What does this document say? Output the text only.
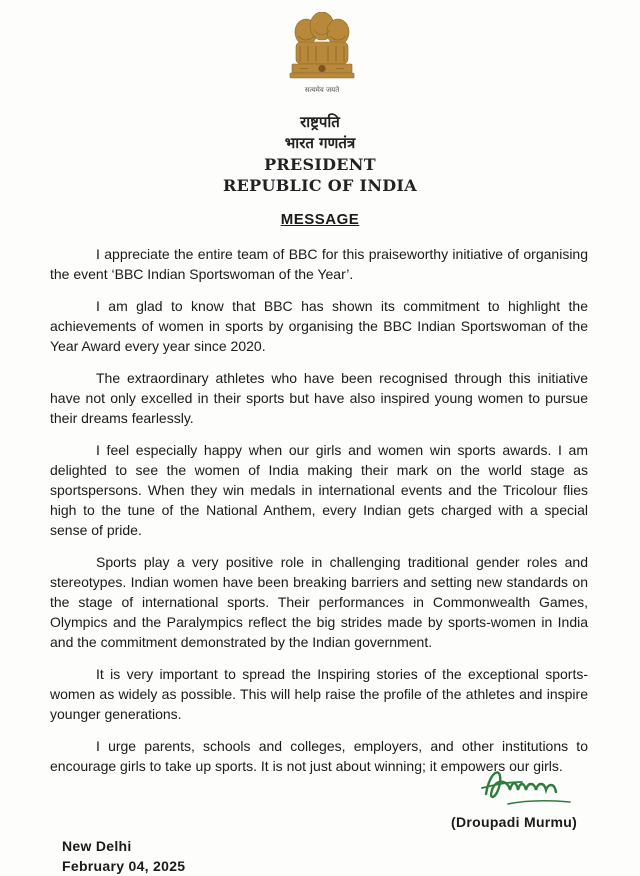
सत्यमेव जयते
राष्ट्रपति
भारत गणतंत्र
PRESIDENT
REPUBLIC OF INDIA
MESSAGE

I appreciate the entire team of BBC for this praiseworthy initiative of organising the event ‘BBC Indian Sportswoman of the Year’.

I am glad to know that BBC has shown its commitment to highlight the achievements of women in sports by organising the BBC Indian Sportswoman of the Year Award every year since 2020.

The extraordinary athletes who have been recognised through this initiative have not only excelled in their sports but have also inspired young women to pursue their dreams fearlessly.

I feel especially happy when our girls and women win sports awards. I am delighted to see the women of India making their mark on the world stage as sportspersons. When they win medals in international events and the Tricolour flies high to the tune of the National Anthem, every Indian gets charged with a special sense of pride.

Sports play a very positive role in challenging traditional gender roles and stereotypes. Indian women have been breaking barriers and setting new standards on the stage of international sports. Their performances in Commonwealth Games, Olympics and the Paralympics reflect the big strides made by sports-women in India and the commitment demonstrated by the Indian government.

It is very important to spread the Inspiring stories of the exceptional sports-women as widely as possible. This will help raise the profile of the athletes and inspire younger generations.

I urge parents, schools and colleges, employers, and other institutions to encourage girls to take up sports. It is not just about winning; it empowers our girls.

(Droupadi Murmu)
New Delhi
February 04, 2025
